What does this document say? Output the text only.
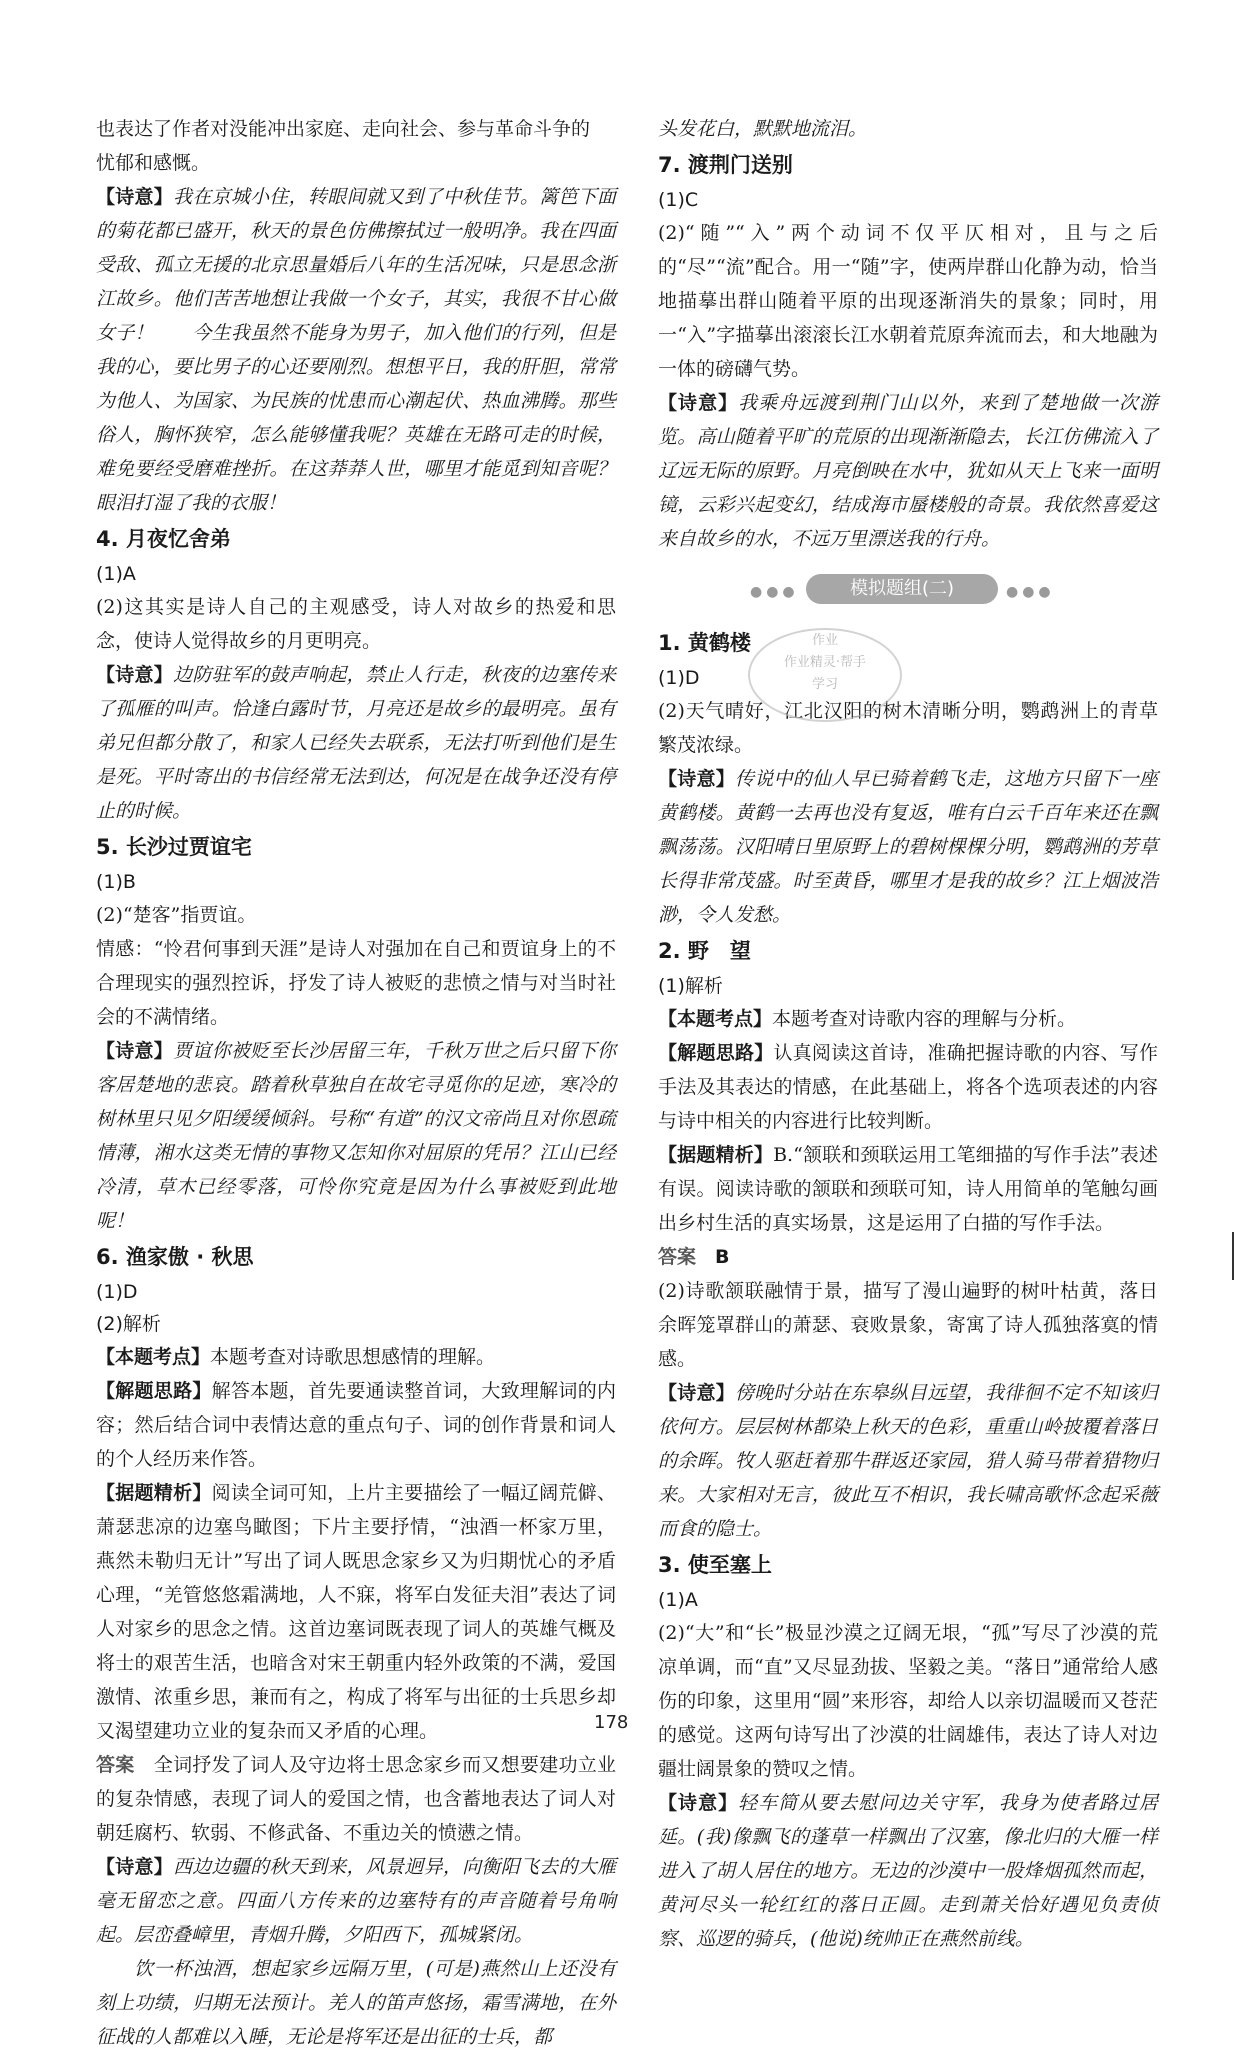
也表达了作者对没能冲出家庭、走向社会、参与革命斗争的

忧郁和感慨。

【诗意】我在京城小住，转眼间就又到了中秋佳节。篱笆下面的菊花都已盛开，秋天的景色仿佛擦拭过一般明净。我在四面受敌、孤立无援的北京思量婚后八年的生活况味，只是思念浙江故乡。他们苦苦地想让我做一个女子，其实，我很不甘心做女子！　　今生我虽然不能身为男子，加入他们的行列，但是我的心，要比男子的心还要刚烈。想想平日，我的肝胆，常常为他人、为国家、为民族的忧患而心潮起伏、热血沸腾。那些俗人，胸怀狭窄，怎么能够懂我呢？英雄在无路可走的时候，难免要经受磨难挫折。在这莽莽人世，哪里才能觅到知音呢？眼泪打湿了我的衣服！

4. 月夜忆舍弟

(1)A

(2)这其实是诗人自己的主观感受，诗人对故乡的热爱和思念，使诗人觉得故乡的月更明亮。

【诗意】边防驻军的鼓声响起，禁止人行走，秋夜的边塞传来了孤雁的叫声。恰逢白露时节，月亮还是故乡的最明亮。虽有弟兄但都分散了，和家人已经失去联系，无法打听到他们是生是死。平时寄出的书信经常无法到达，何况是在战争还没有停止的时候。

5. 长沙过贾谊宅

(1)B

(2)“楚客”指贾谊。

情感：“怜君何事到天涯”是诗人对强加在自己和贾谊身上的不合理现实的强烈控诉，抒发了诗人被贬的悲愤之情与对当时社会的不满情绪。

【诗意】贾谊你被贬至长沙居留三年，千秋万世之后只留下你客居楚地的悲哀。踏着秋草独自在故宅寻觅你的足迹，寒冷的树林里只见夕阳缓缓倾斜。号称“有道”的汉文帝尚且对你恩疏情薄，湘水这类无情的事物又怎知你对屈原的凭吊？江山已经冷清，草木已经零落，可怜你究竟是因为什么事被贬到此地呢！

6. 渔家傲 · 秋思

(1)D

(2)解析

【本题考点】本题考查对诗歌思想感情的理解。

【解题思路】解答本题，首先要通读整首词，大致理解词的内容；然后结合词中表情达意的重点句子、词的创作背景和词人的个人经历来作答。

【据题精析】阅读全词可知，上片主要描绘了一幅辽阔荒僻、萧瑟悲凉的边塞鸟瞰图；下片主要抒情，“浊酒一杯家万里，燕然未勒归无计”写出了词人既思念家乡又为归期忧心的矛盾心理，“羌管悠悠霜满地，人不寐，将军白发征夫泪”表达了词人对家乡的思念之情。这首边塞词既表现了词人的英雄气概及将士的艰苦生活，也暗含对宋王朝重内轻外政策的不满，爱国激情、浓重乡思，兼而有之，构成了将军与出征的士兵思乡却又渴望建功立业的复杂而又矛盾的心理。

答案　 全词抒发了词人及守边将士思念家乡而又想要建功立业的复杂情感，表现了词人的爱国之情，也含蓄地表达了词人对朝廷腐朽、软弱、不修武备、不重边关的愤懑之情。

【诗意】西边边疆的秋天到来，风景迥异，向衡阳飞去的大雁毫无留恋之意。四面八方传来的边塞特有的声音随着号角响起。层峦叠嶂里，青烟升腾，夕阳西下，孤城紧闭。

饮一杯浊酒，想起家乡远隔万里，(可是)燕然山上还没有刻上功绩，归期无法预计。羌人的笛声悠扬，霜雪满地，在外征战的人都难以入睡，无论是将军还是出征的士兵，都

头发花白，默默地流泪。

7. 渡荆门送别

(1)C

(2)“随”“入”两个动词不仅平仄相对，且与之后的“尽”“流”配合。用一“随”字，使两岸群山化静为动，恰当地描摹出群山随着平原的出现逐渐消失的景象；同时，用一“入”字描摹出滚滚长江水朝着荒原奔流而去，和大地融为一体的磅礴气势。

【诗意】我乘舟远渡到荆门山以外，来到了楚地做一次游览。高山随着平旷的荒原的出现渐渐隐去，长江仿佛流入了辽远无际的原野。月亮倒映在水中，犹如从天上飞来一面明镜，云彩兴起变幻，结成海市蜃楼般的奇景。我依然喜爱这来自故乡的水，不远万里漂送我的行舟。

●●●	模拟题组(二)	●●●

1. 黄鹤楼

(1)D

(2)天气晴好，江北汉阳的树木清晰分明，鹦鹉洲上的青草繁茂浓绿。

【诗意】传说中的仙人早已骑着鹤飞走，这地方只留下一座黄鹤楼。黄鹤一去再也没有复返，唯有白云千百年来还在飘飘荡荡。汉阳晴日里原野上的碧树棵棵分明，鹦鹉洲的芳草长得非常茂盛。时至黄昏，哪里才是我的故乡？江上烟波浩渺，令人发愁。

2. 野　望

(1)解析

【本题考点】本题考查对诗歌内容的理解与分析。

【解题思路】认真阅读这首诗，准确把握诗歌的内容、写作手法及其表达的情感，在此基础上，将各个选项表述的内容与诗中相关的内容进行比较判断。

【据题精析】B.“颔联和颈联运用工笔细描的写作手法”表述有误。阅读诗歌的颔联和颈联可知，诗人用简单的笔触勾画出乡村生活的真实场景，这是运用了白描的写作手法。

答案　 B

(2)诗歌颔联融情于景，描写了漫山遍野的树叶枯黄，落日余晖笼罩群山的萧瑟、衰败景象，寄寓了诗人孤独落寞的情感。

【诗意】傍晚时分站在东皋纵目远望，我徘徊不定不知该归依何方。层层树林都染上秋天的色彩，重重山岭披覆着落日的余晖。牧人驱赶着那牛群返还家园，猎人骑马带着猎物归来。大家相对无言，彼此互不相识，我长啸高歌怀念起采薇而食的隐士。

3. 使至塞上

(1)A

(2)“大”和“长”极显沙漠之辽阔无垠，“孤”写尽了沙漠的荒凉单调，而“直”又尽显劲拔、坚毅之美。“落日”通常给人感伤的印象，这里用“圆”来形容，却给人以亲切温暖而又苍茫的感觉。这两句诗写出了沙漠的壮阔雄伟，表达了诗人对边疆壮阔景象的赞叹之情。

【诗意】轻车简从要去慰问边关守军，我身为使者路过居延。(我)像飘飞的蓬草一样飘出了汉塞，像北归的大雁一样进入了胡人居住的地方。无边的沙漠中一股烽烟孤然而起，黄河尽头一轮红红的落日正圆。走到萧关恰好遇见负责侦察、巡逻的骑兵，(他说)统帅正在燕然前线。

作业
作业精灵·帮手
学习
178
